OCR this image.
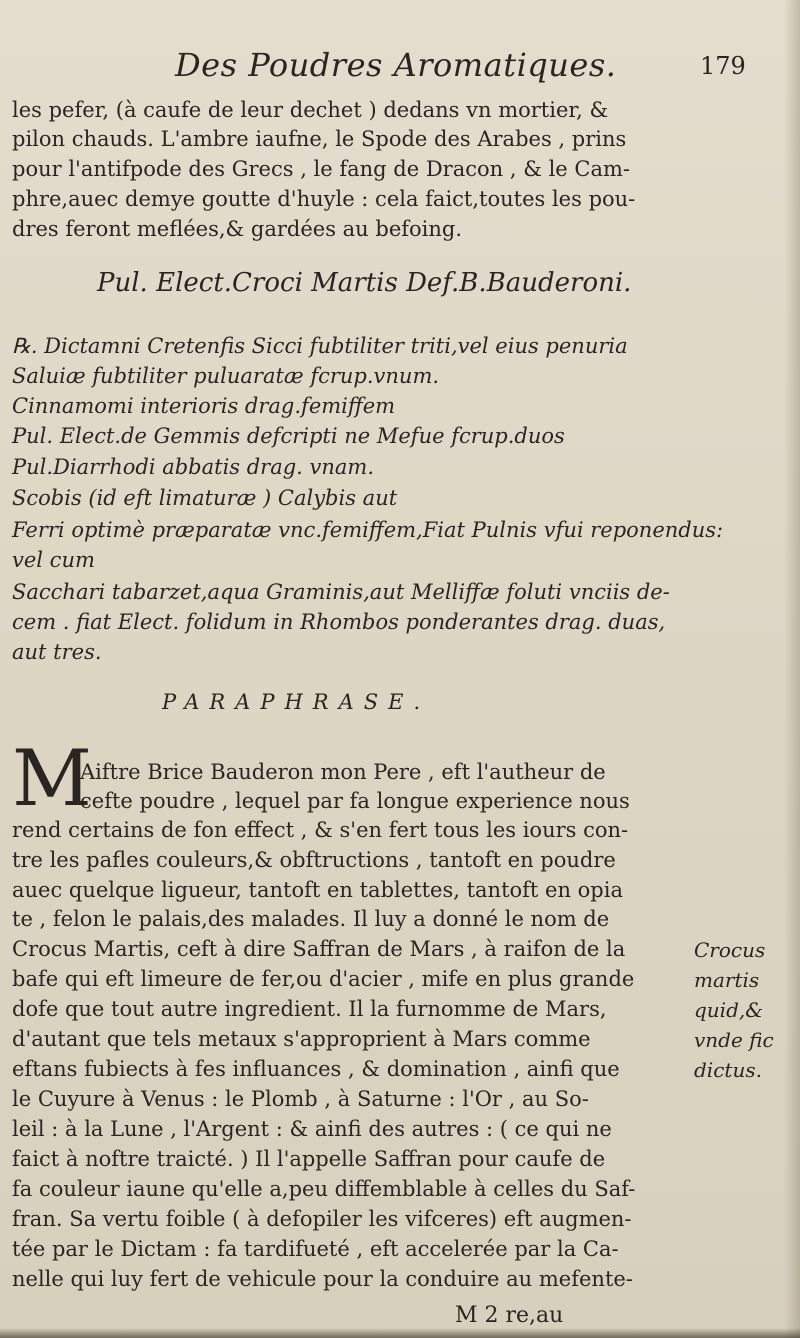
Des Poudres Aromatiques.	179
les pefer, (à caufe de leur dechet ) dedans vn mortier, &
pilon chauds. L'ambre iaufne, le Spode des Arabes , prins
pour l'antifpode des Grecs , le fang de Dracon , & le Cam-
phre,auec demye goutte d'huyle : cela faict,toutes les pou-
dres feront meflées,& gardées au befoing.
Pul. Elect.Croci Martis Def.B.Bauderoni.
℞. Dictamni Cretenfis Sicci fubtiliter triti,vel eius penuria
Saluiæ fubtiliter puluaratæ fcrup.vnum.
Cinnamomi interioris drag.femiffem
Pul. Elect.de Gemmis defcripti ne Mefue fcrup.duos
Pul.Diarrhodi abbatis drag. vnam.
Scobis (id eft limaturæ ) Calybis aut
Ferri optimè præparatæ vnc.femiffem,Fiat Pulnis vfui reponendus:
vel cum
Sacchari tabarzet,aqua Graminis,aut Melliffæ foluti vnciis de-
cem . fiat Elect. folidum in Rhombos ponderantes drag. duas,
aut tres.
PARAPHRASE.
M
Aiftre Brice Bauderon mon Pere , eft l'autheur de
cefte poudre , lequel par fa longue experience nous
rend certains de fon effect , & s'en fert tous les iours con-
tre les pafles couleurs,& obftructions , tantoft en poudre
auec quelque ligueur, tantoft en tablettes, tantoft en opia
te , felon le palais,des malades. Il luy a donné le nom de
Crocus Martis, ceft à dire Saffran de Mars , à raifon de la
bafe qui eft limeure de fer,ou d'acier , mife en plus grande
dofe que tout autre ingredient. Il la furnomme de Mars,
d'autant que tels metaux s'approprient à Mars comme
eftans fubiects à fes influances , & domination , ainfi que
le Cuyure à Venus : le Plomb , à Saturne : l'Or , au So-
leil : à la Lune , l'Argent : & ainfi des autres : ( ce qui ne
faict à noftre traicté. ) Il l'appelle Saffran pour caufe de
fa couleur iaune qu'elle a,peu diffemblable à celles du Saf-
fran. Sa vertu foible ( à defopiler les vifceres) eft augmen-
tée par le Dictam : fa tardifueté , eft accelerée par la Ca-
nelle qui luy fert de vehicule pour la conduire au mefente-
Crocus
martis
quid,&
vnde fic
dictus.
M 2 re,au
